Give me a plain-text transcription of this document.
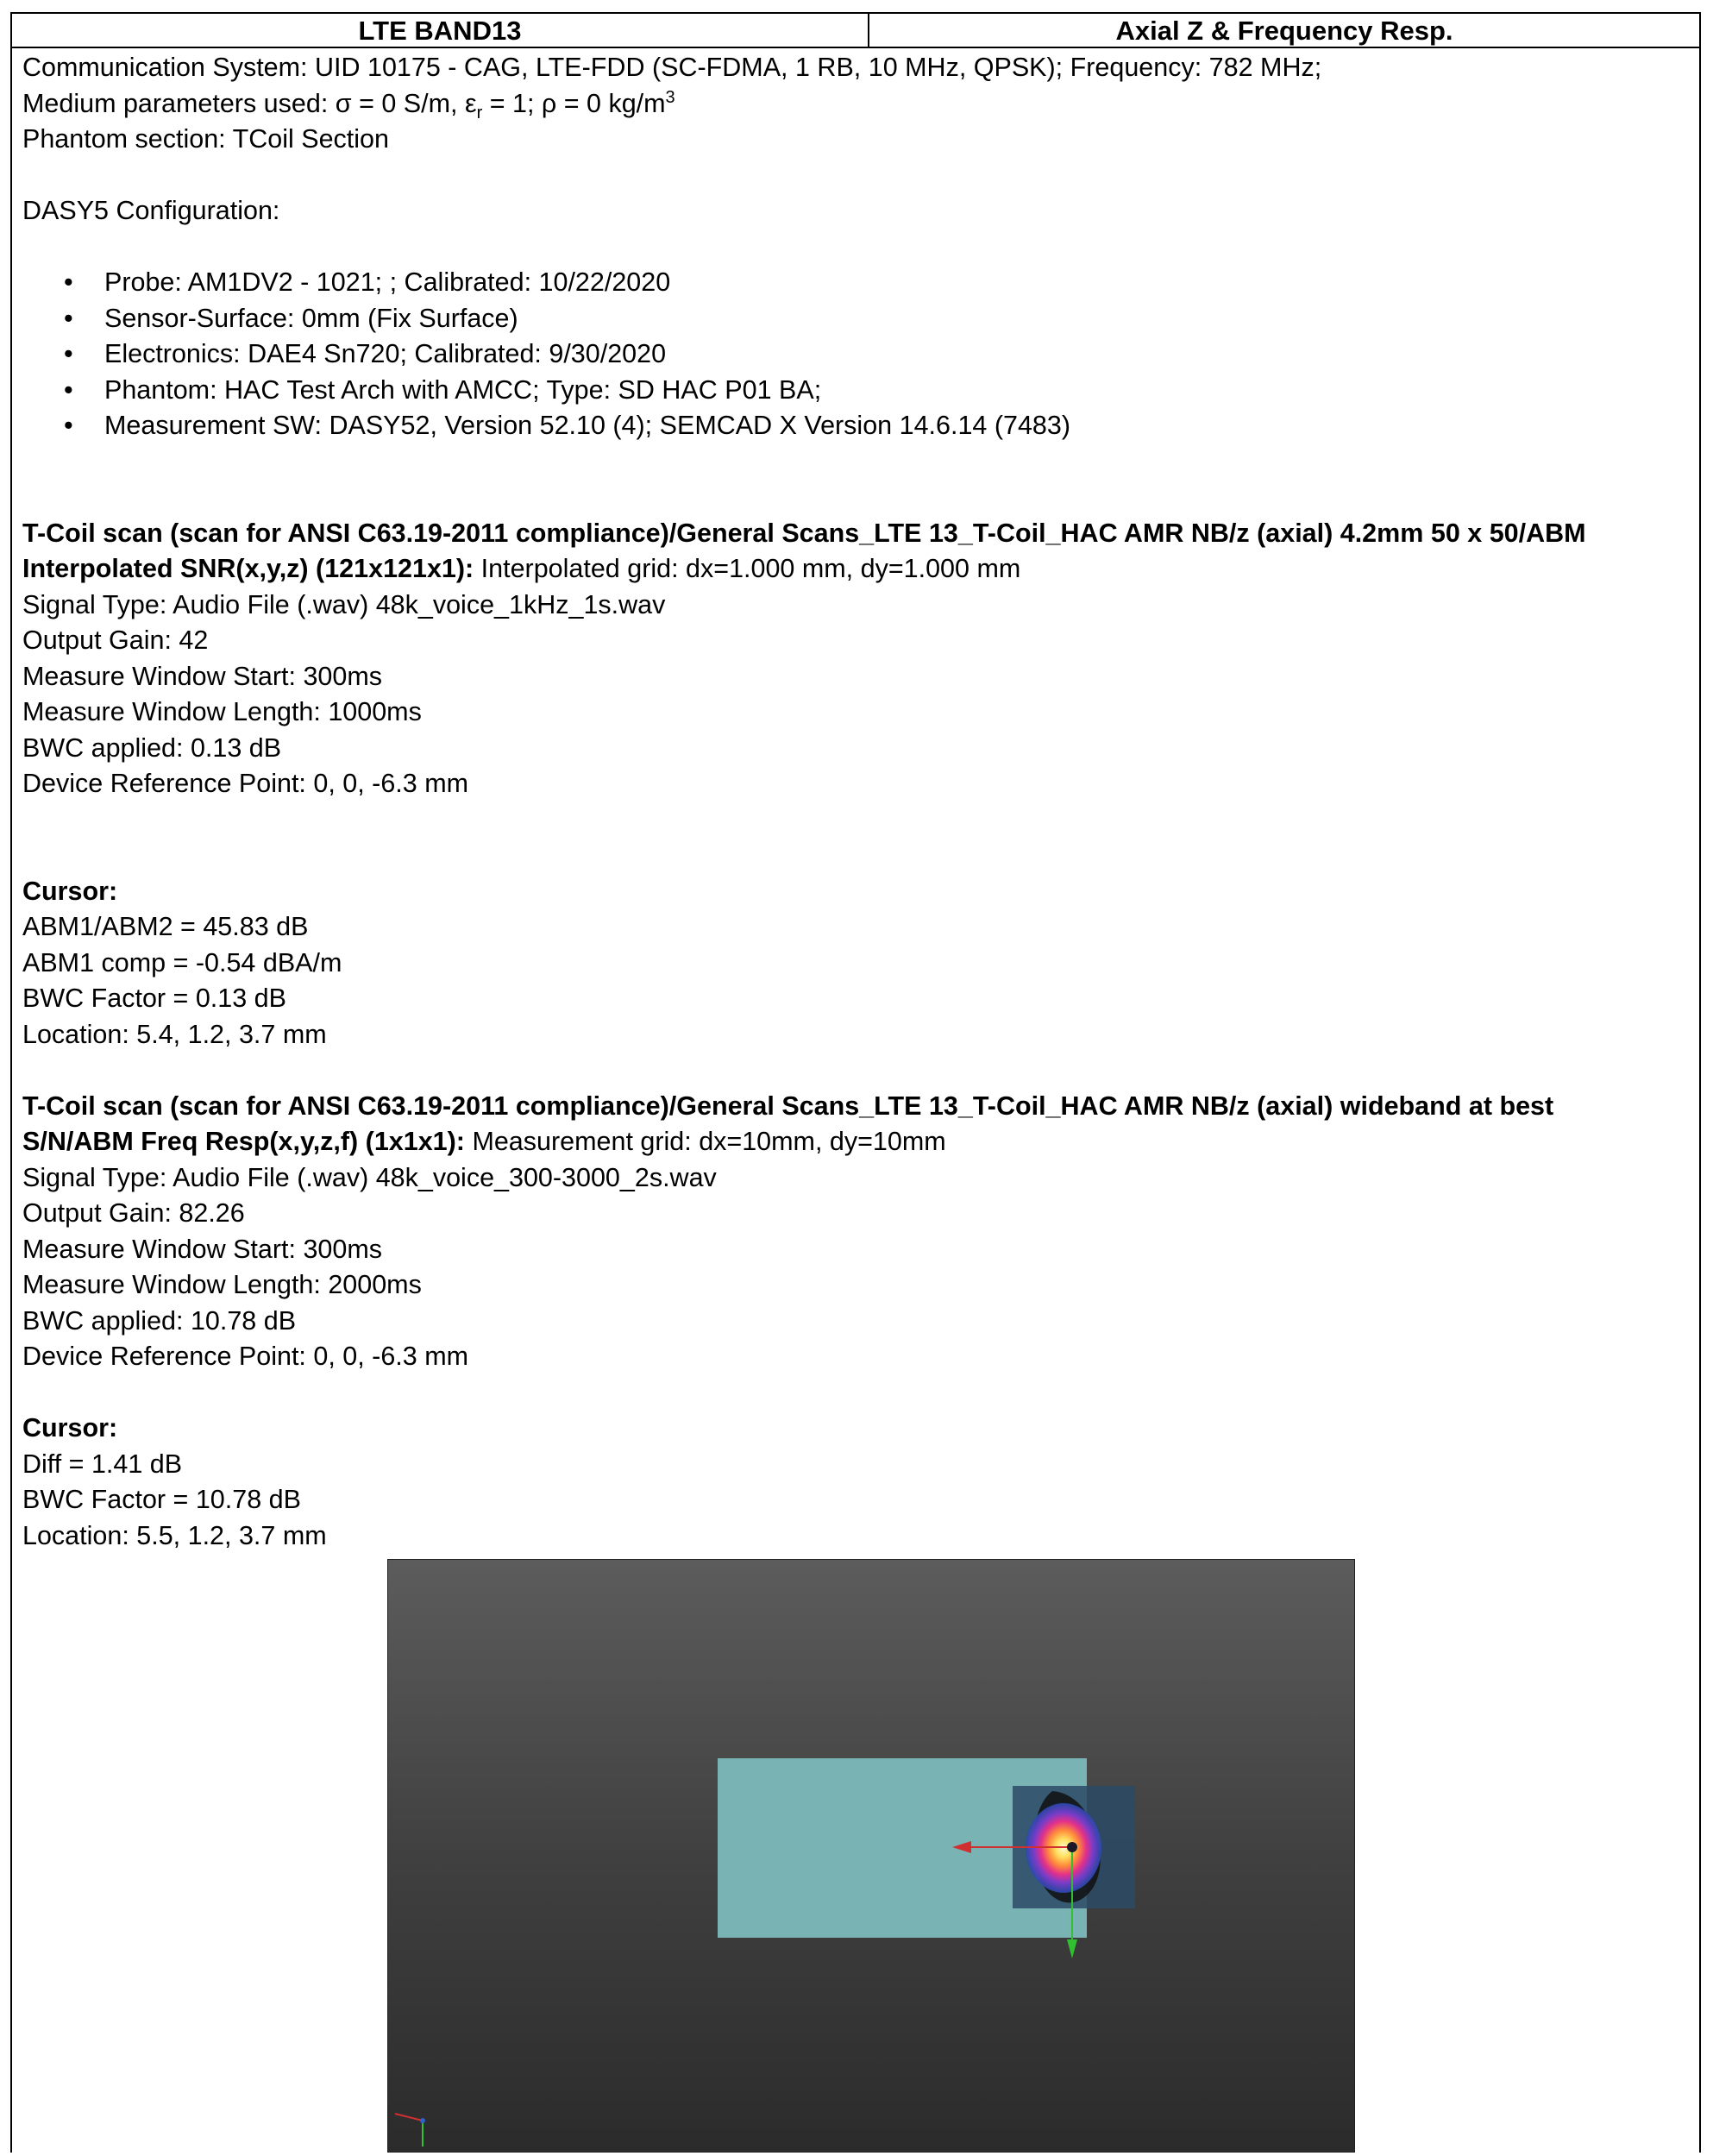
LTE BAND13	Axial Z & Frequency Resp.
Communication System: UID 10175 - CAG, LTE-FDD (SC-FDMA, 1 RB, 10 MHz, QPSK); Frequency: 782 MHz;
Medium parameters used: σ = 0 S/m, $\varepsilon_r = 1$; ρ = 0 $kg/m^3$
Phantom section: TCoil Section
DASY5 Configuration:
• Probe: AM1DV2 - 1021; ; Calibrated: 10/22/2020
• Sensor-Surface: 0mm (Fix Surface)
• Electronics: DAE4 Sn720; Calibrated: 9/30/2020
• Phantom: HAC Test Arch with AMCC; Type: SD HAC P01 BA;
• Measurement SW: DASY52, Version 52.10 (4); SEMCAD X Version 14.6.14 (7483)
T-Coil scan (scan for ANSI C63.19-2011 compliance)/General Scans_LTE 13_T-Coil_HAC AMR NB/z (axial) 4.2mm 50 x 50/ABM
Interpolated SNR(x,y,z) (121x121x1): Interpolated grid: dx=1.000 mm, dy=1.000 mm
Signal Type: Audio File (.wav) 48k_voice_1kHz_1s.wav
Output Gain: 42
Measure Window Start: 300ms
Measure Window Length: 1000ms
BWC applied: 0.13 dB
Device Reference Point: 0, 0, -6.3 mm
Cursor:
ABM1/ABM2 = 45.83 dB
ABM1 comp = -0.54 dBA/m
BWC Factor = 0.13 dB
Location: 5.4, 1.2, 3.7 mm
T-Coil scan (scan for ANSI C63.19-2011 compliance)/General Scans_LTE 13_T-Coil_HAC AMR NB/z (axial) wideband at best
S/N/ABM Freq Resp(x,y,z,f) (1x1x1): Measurement grid: dx=10mm, dy=10mm
Signal Type: Audio File (.wav) 48k_voice_300-3000_2s.wav
Output Gain: 82.26
Measure Window Start: 300ms
Measure Window Length: 2000ms
BWC applied: 10.78 dB
Device Reference Point: 0, 0, -6.3 mm
Cursor:
Diff = 1.41 dB
BWC Factor = 10.78 dB
Location: 5.5, 1.2, 3.7 mm
